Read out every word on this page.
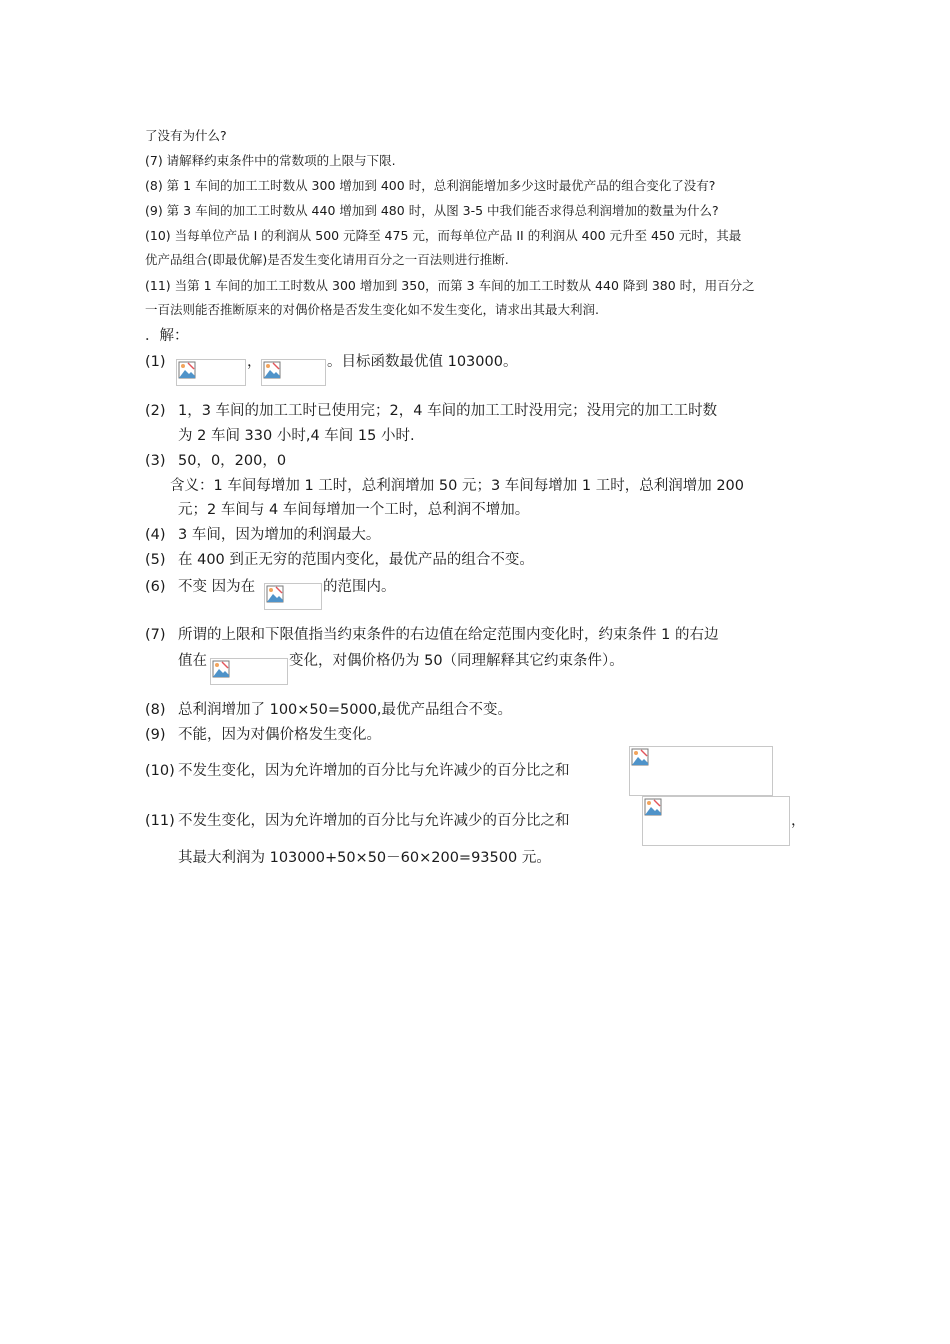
了没有为什么?
(7) 请解释约束条件中的常数项的上限与下限.
(8) 第 1 车间的加工工时数从 300 增加到 400 时，总利润能增加多少这时最优产品的组合变化了没有?
(9) 第 3 车间的加工工时数从 440 增加到 480 时，从图 3-5 中我们能否求得总利润增加的数量为什么?
(10) 当每单位产品 I 的利润从 500 元降至 475 元，而每单位产品 II 的利润从 400 元升至 450 元时，其最
优产品组合(即最优解)是否发生变化请用百分之一百法则进行推断.
(11) 当第 1 车间的加工工时数从 300 增加到 350，而第 3 车间的加工工时数从 440 降到 380 时，用百分之
一百法则能否推断原来的对偶价格是否发生变化如不发生变化，请求出其最大利润.
．解：
(1)	，	。目标函数最优值 103000。
(2) 1，3 车间的加工工时已使用完；2，4 车间的加工工时没用完；没用完的加工工时数
为 2 车间 330 小时,4 车间 15 小时.
(3) 50，0，200，0
含义：1 车间每增加 1 工时，总利润增加 50 元；3 车间每增加 1 工时，总利润增加 200
元；2 车间与 4 车间每增加一个工时，总利润不增加。
(4) 3 车间，因为增加的利润最大。
(5) 在 400 到正无穷的范围内变化，最优产品的组合不变。
(6) 不变 因为在	的范围内。
(7) 所谓的上限和下限值指当约束条件的右边值在给定范围内变化时，约束条件 1 的右边
值在	变化，对偶价格仍为 50（同理解释其它约束条件）。
(8) 总利润增加了 100×50=5000,最优产品组合不变。
(9) 不能，因为对偶价格发生变化。
(10) 不发生变化，因为允许增加的百分比与允许减少的百分比之和
(11) 不发生变化，因为允许增加的百分比与允许减少的百分比之和	，
其最大利润为 103000+50×50－60×200=93500 元。
